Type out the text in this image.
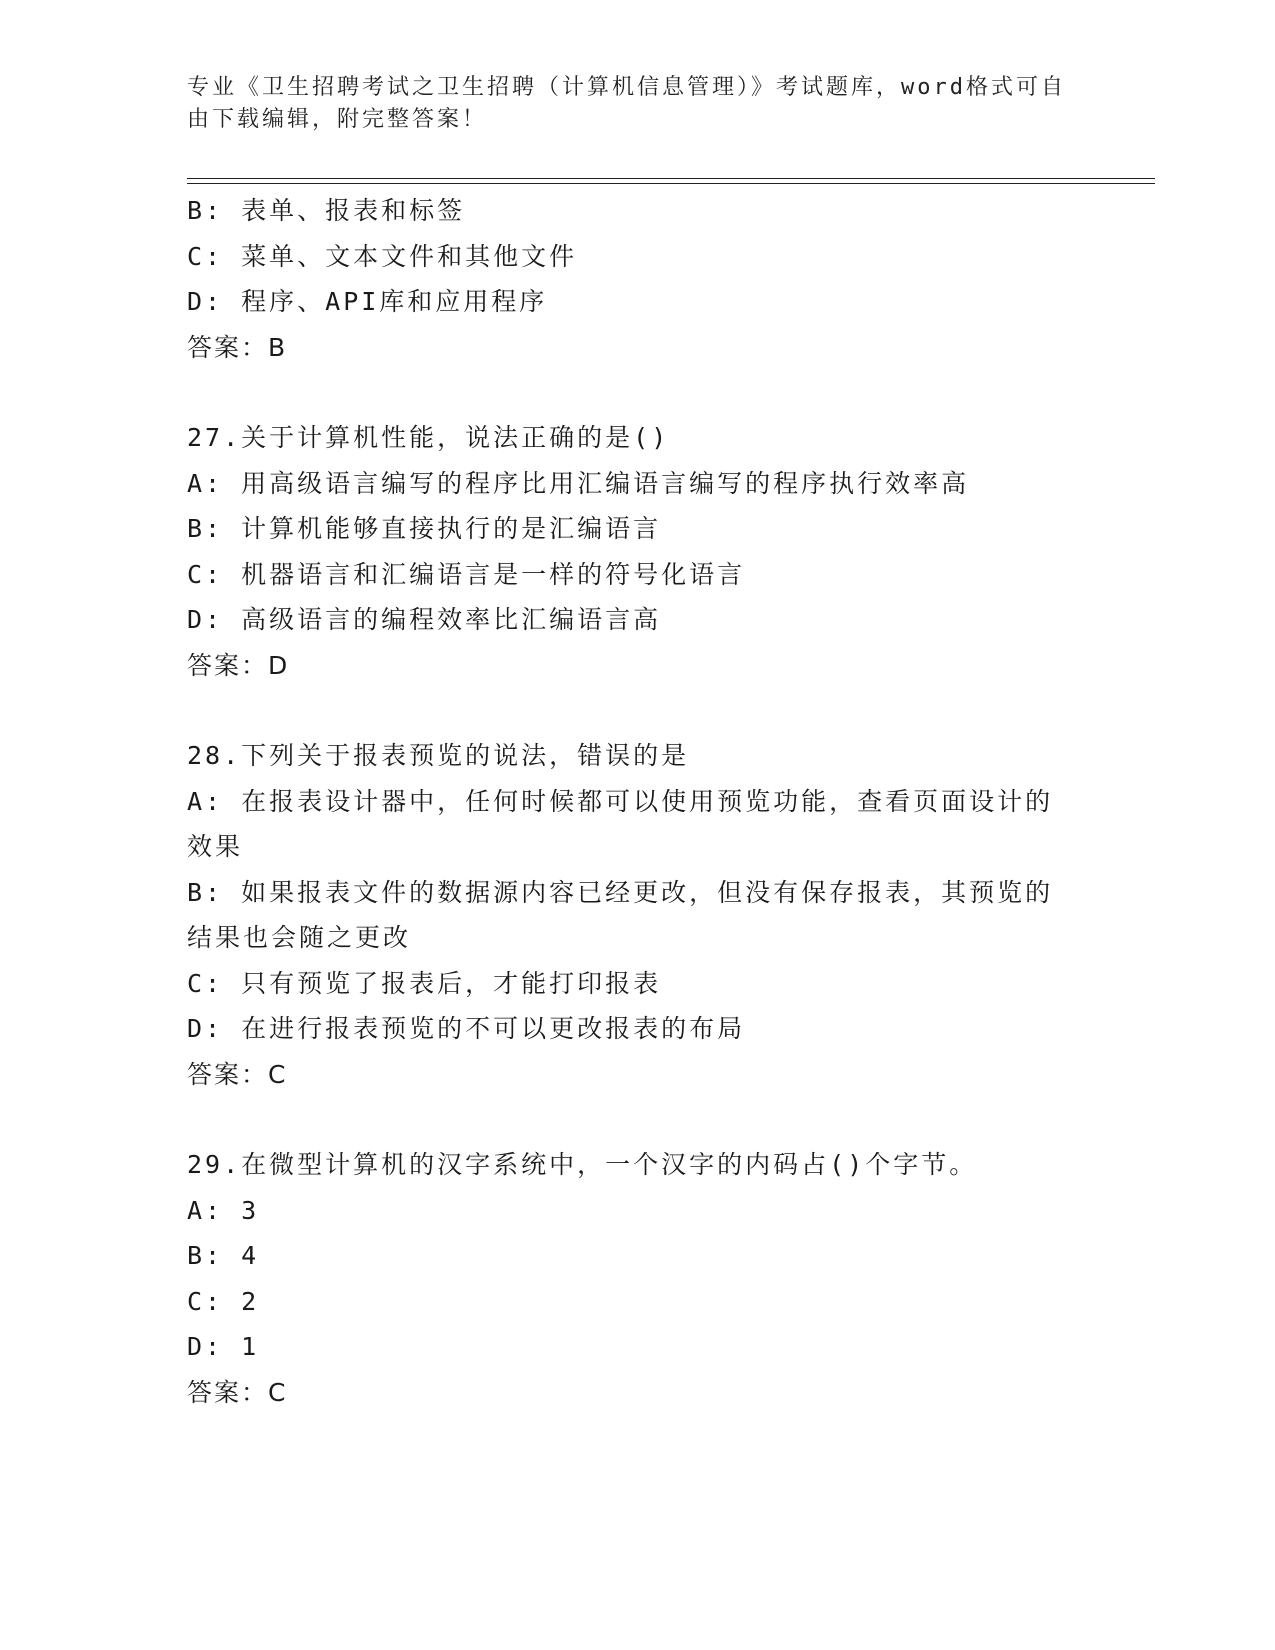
专业《卫生招聘考试之卫生招聘（计算机信息管理）》考试题库，word格式可自由下载编辑，附完整答案！
B: 表单、报表和标签
C: 菜单、文本文件和其他文件
D: 程序、API库和应用程序
答案：B
27.关于计算机性能，说法正确的是()
A: 用高级语言编写的程序比用汇编语言编写的程序执行效率高
B: 计算机能够直接执行的是汇编语言
C: 机器语言和汇编语言是一样的符号化语言
D: 高级语言的编程效率比汇编语言高
答案：D
28.下列关于报表预览的说法，错误的是
A: 在报表设计器中，任何时候都可以使用预览功能，查看页面设计的效果
B: 如果报表文件的数据源内容已经更改，但没有保存报表，其预览的结果也会随之更改
C: 只有预览了报表后，才能打印报表
D: 在进行报表预览的不可以更改报表的布局
答案：C
29.在微型计算机的汉字系统中，一个汉字的内码占()个字节。
A: 3
B: 4
C: 2
D: 1
答案：C
